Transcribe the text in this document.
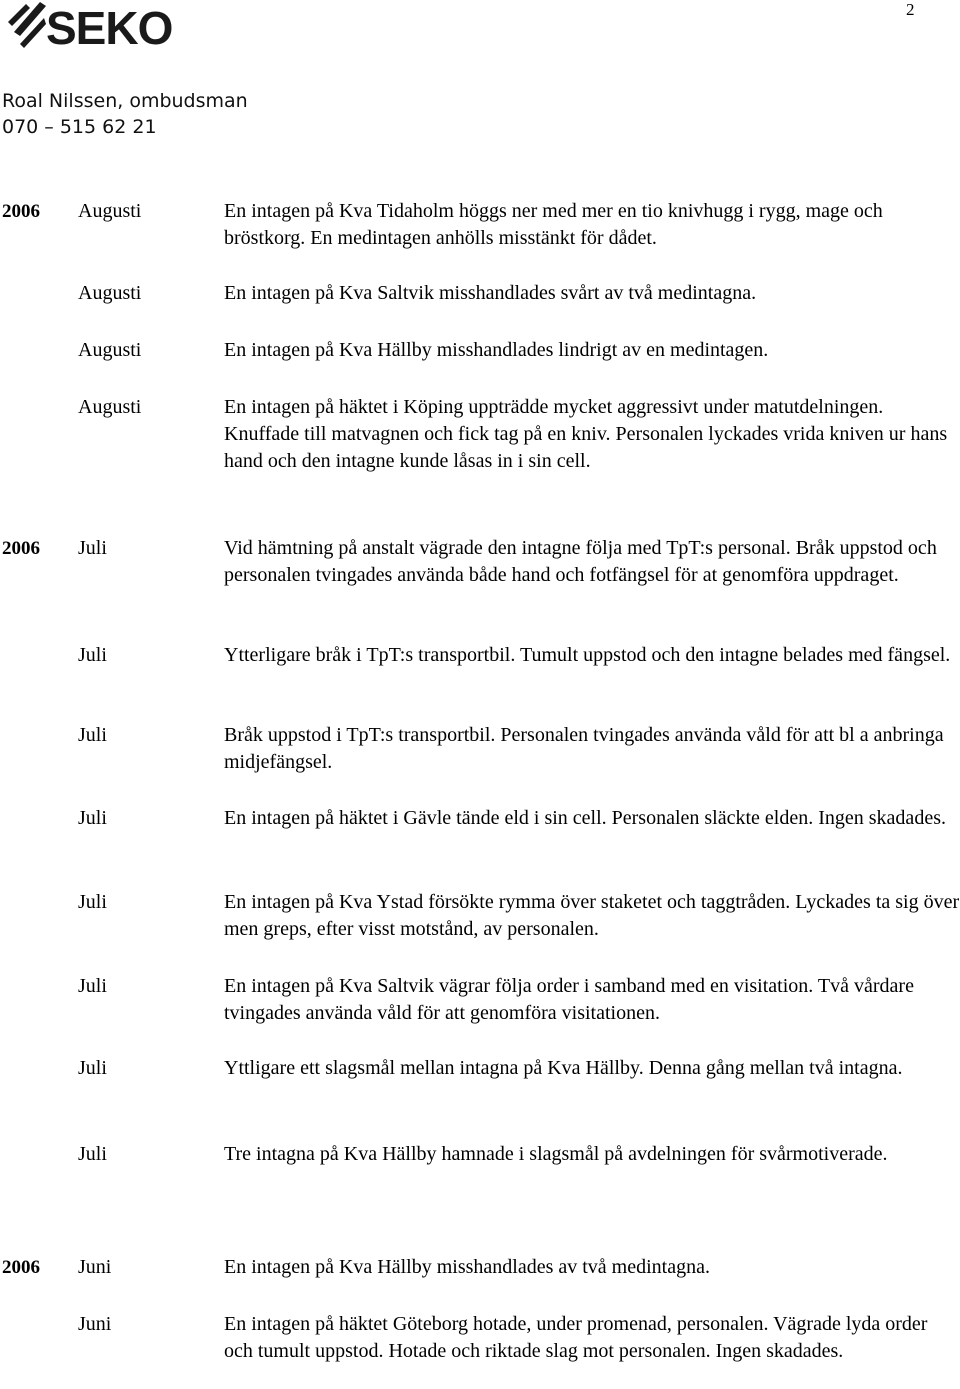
2
SEKO
Roal Nilssen, ombudsman
070 – 515 62 21
2006 Augusti	En intagen på Kva Tidaholm höggs ner med mer en tio knivhugg i rygg, mage och bröstkorg. En medintagen anhölls misstänkt för dådet.
Augusti	En intagen på Kva Saltvik misshandlades svårt av två medintagna.
Augusti	En intagen på Kva Hällby misshandlades lindrigt av en medintagen.
Augusti	En intagen på häktet i Köping uppträdde mycket aggressivt under matutdelningen. Knuffade till matvagnen och fick tag på en kniv. Personalen lyckades vrida kniven ur hans hand och den intagne kunde låsas in i sin cell.
2006 Juli	Vid hämtning på anstalt vägrade den intagne följa med TpT:s personal. Bråk uppstod och personalen tvingades använda både hand och fotfängsel för at genomföra uppdraget.
Juli	Ytterligare bråk i TpT:s transportbil. Tumult uppstod och den intagne belades med fängsel.
Juli	Bråk uppstod i TpT:s transportbil. Personalen tvingades använda våld för att bl a anbringa midjefängsel.
Juli	En intagen på häktet i Gävle tände eld i sin cell. Personalen släckte elden. Ingen skadades.
Juli	En intagen på Kva Ystad försökte rymma över staketet och taggtråden. Lyckades ta sig över men greps, efter visst motstånd, av personalen.
Juli	En intagen på Kva Saltvik vägrar följa order i samband med en visitation. Två vårdare tvingades använda våld för att genomföra visitationen.
Juli	Yttligare ett slagsmål mellan intagna på Kva Hällby. Denna gång mellan två intagna.
Juli	Tre intagna på Kva Hällby hamnade i slagsmål på avdelningen för svårmotiverade.
2006 Juni	En intagen på Kva Hällby misshandlades av två medintagna.
Juni	En intagen på häktet Göteborg hotade, under promenad, personalen. Vägrade lyda order och tumult uppstod. Hotade och riktade slag mot personalen. Ingen skadades.
